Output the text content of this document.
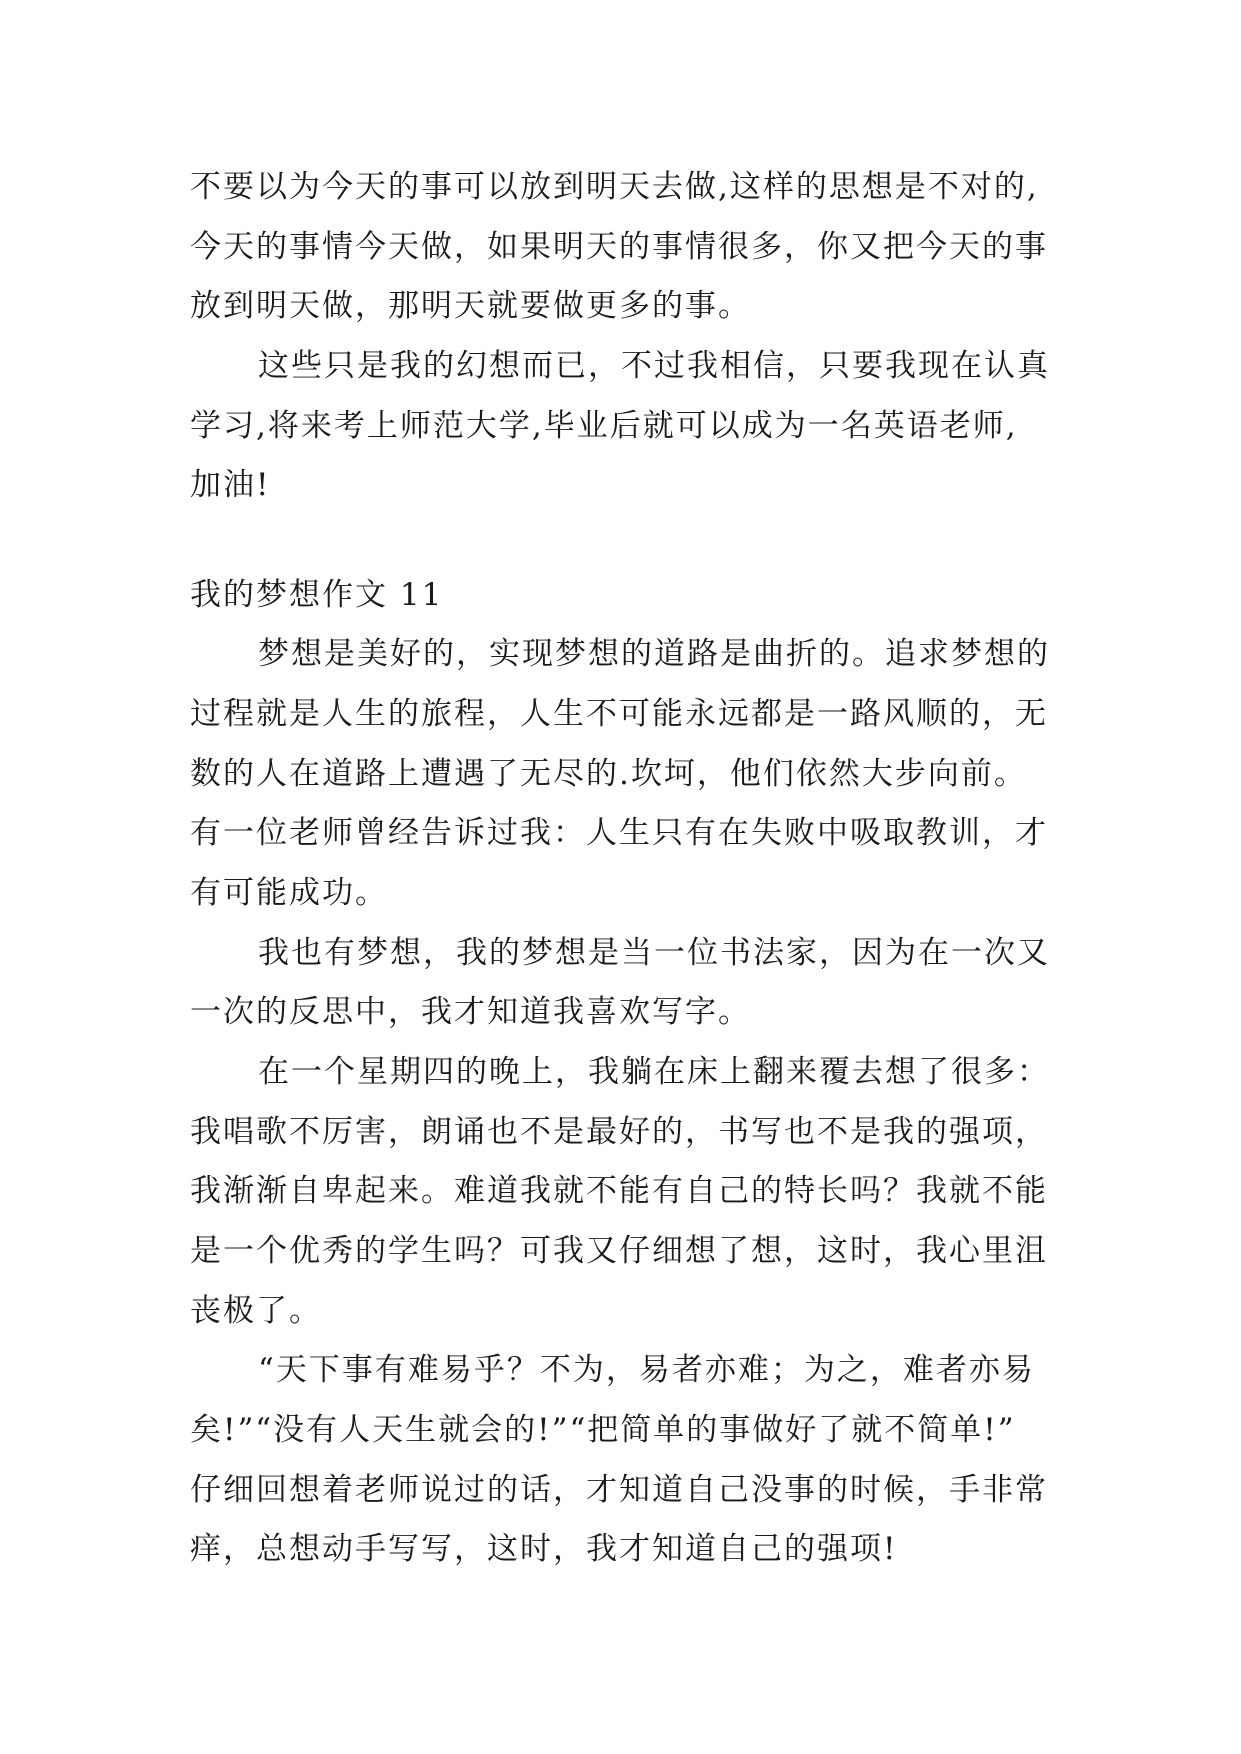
不要以为今天的事可以放到明天去做,这样的思想是不对的,
今天的事情今天做，如果明天的事情很多，你又把今天的事
放到明天做，那明天就要做更多的事。
这些只是我的幻想而已，不过我相信，只要我现在认真
学习,将来考上师范大学,毕业后就可以成为一名英语老师,
加油!
我的梦想作文 11
梦想是美好的，实现梦想的道路是曲折的。追求梦想的
过程就是人生的旅程，人生不可能永远都是一路风顺的，无
数的人在道路上遭遇了无尽的.坎坷，他们依然大步向前。
有一位老师曾经告诉过我：人生只有在失败中吸取教训，才
有可能成功。
我也有梦想，我的梦想是当一位书法家，因为在一次又
一次的反思中，我才知道我喜欢写字。
在一个星期四的晚上，我躺在床上翻来覆去想了很多：
我唱歌不厉害，朗诵也不是最好的，书写也不是我的强项，
我渐渐自卑起来。难道我就不能有自己的特长吗？我就不能
是一个优秀的学生吗？可我又仔细想了想，这时，我心里沮
丧极了。
“天下事有难易乎？不为，易者亦难；为之，难者亦易
矣!”“没有人天生就会的!”“把简单的事做好了就不简单!”
仔细回想着老师说过的话，才知道自己没事的时候，手非常
痒，总想动手写写，这时，我才知道自己的强项!
